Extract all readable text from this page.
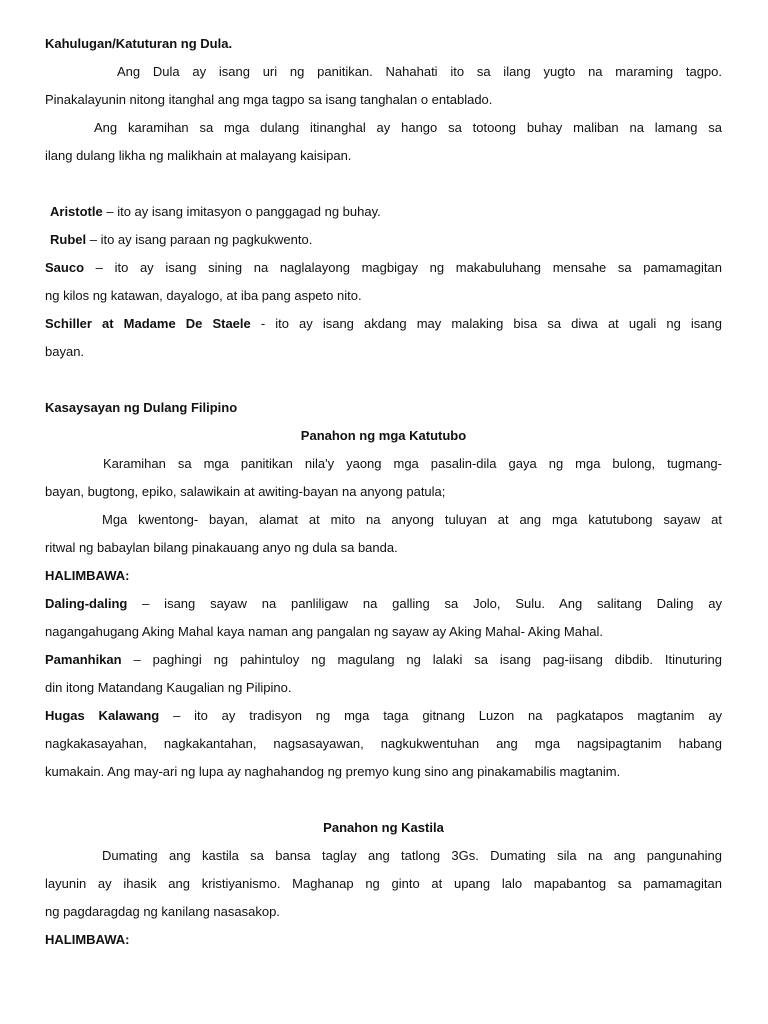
Kahulugan/Katuturan ng Dula.
Ang Dula ay isang uri ng panitikan. Nahahati ito sa ilang yugto na maraming tagpo.
Pinakalayunin nitong itanghal ang mga tagpo sa isang tanghalan o entablado.
Ang karamihan sa mga dulang itinanghal ay hango sa totoong buhay maliban na lamang sa
ilang dulang likha ng malikhain at malayang kaisipan.
Aristotle – ito ay isang imitasyon o panggagad ng buhay.
Rubel – ito ay isang paraan ng pagkukwento.
Sauco – ito ay isang sining na naglalayong magbigay ng makabuluhang mensahe sa pamamagitan
ng kilos ng katawan, dayalogo, at iba pang aspeto nito.
Schiller at Madame De Staele - ito ay isang akdang may malaking bisa sa diwa at ugali ng isang
bayan.
Kasaysayan ng Dulang Filipino
Panahon ng mga Katutubo
Karamihan sa mga panitikan nila'y yaong mga pasalin-dila gaya ng mga bulong, tugmang-
bayan, bugtong, epiko, salawikain at awiting-bayan na anyong patula;
Mga kwentong- bayan, alamat at mito na anyong tuluyan at ang mga katutubong sayaw at
ritwal ng babaylan bilang pinakauang anyo ng dula sa banda.
HALIMBAWA:
Daling-daling – isang sayaw na panliligaw na galling sa Jolo, Sulu. Ang salitang Daling ay
nagangahugang Aking Mahal kaya naman ang pangalan ng sayaw ay Aking Mahal- Aking Mahal.
Pamanhikan – paghingi ng pahintuloy ng magulang ng lalaki sa isang pag-iisang dibdib. Itinuturing
din itong Matandang Kaugalian ng Pilipino.
Hugas Kalawang – ito ay tradisyon ng mga taga gitnang Luzon na pagkatapos magtanim ay
nagkakasayahan, nagkakantahan, nagsasayawan, nagkukwentuhan ang mga nagsipagtanim habang
kumakain. Ang may-ari ng lupa ay naghahandog ng premyo kung sino ang pinakamabilis magtanim.
Panahon ng Kastila
Dumating ang kastila sa bansa taglay ang tatlong 3Gs. Dumating sila na ang pangunahing
layunin ay ihasik ang kristiyanismo. Maghanap ng ginto at upang lalo mapabantog sa pamamagitan
ng pagdaragdag ng kanilang nasasakop.
HALIMBAWA:
